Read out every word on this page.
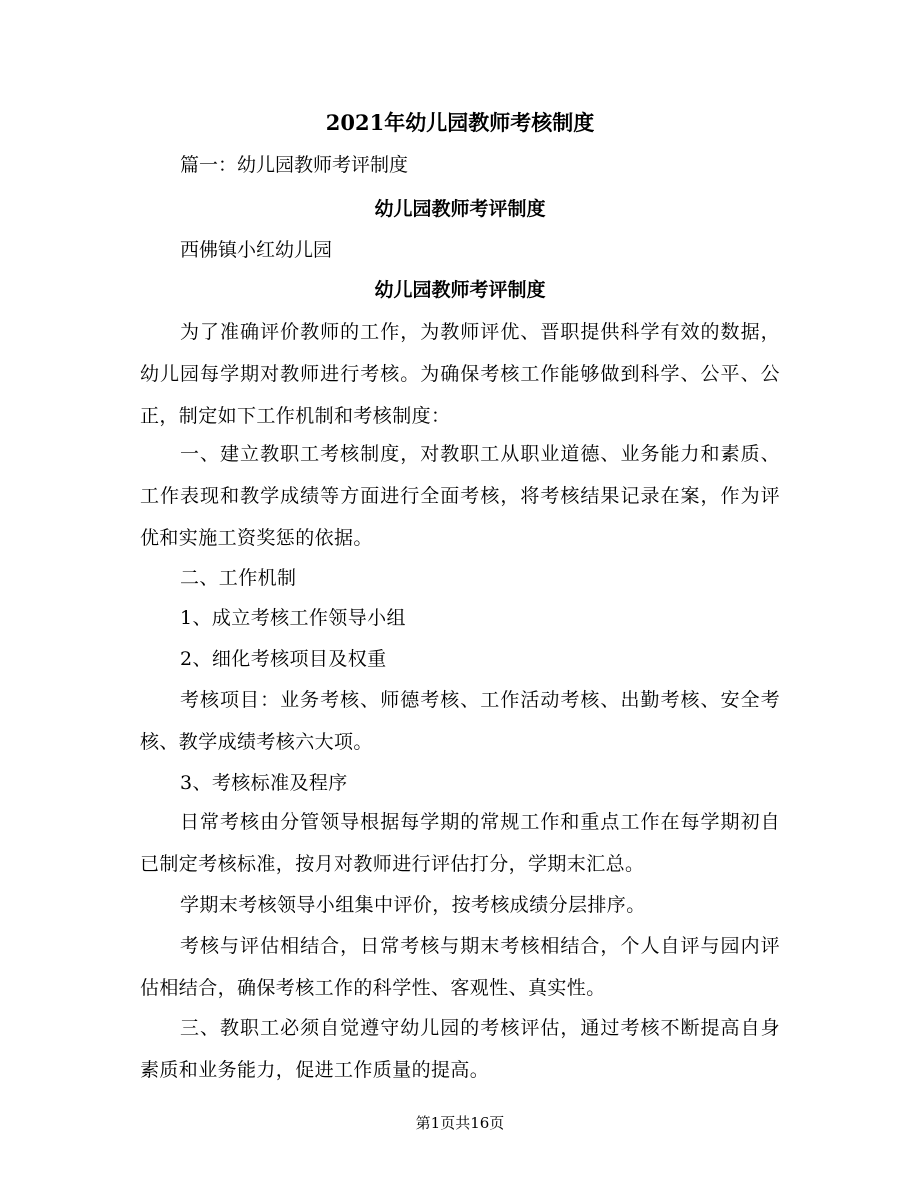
2021年幼儿园教师考核制度
篇一：幼儿园教师考评制度
幼儿园教师考评制度
西佛镇小红幼儿园
幼儿园教师考评制度
为了准确评价教师的工作，为教师评优、晋职提供科学有效的数据，幼儿园每学期对教师进行考核。为确保考核工作能够做到科学、公平、公正，制定如下工作机制和考核制度：
一、建立教职工考核制度，对教职工从职业道德、业务能力和素质、工作表现和教学成绩等方面进行全面考核，将考核结果记录在案，作为评优和实施工资奖惩的依据。
二、工作机制
1、成立考核工作领导小组
2、细化考核项目及权重
考核项目：业务考核、师德考核、工作活动考核、出勤考核、安全考核、教学成绩考核六大项。
3、考核标准及程序
日常考核由分管领导根据每学期的常规工作和重点工作在每学期初自已制定考核标准，按月对教师进行评估打分，学期末汇总。
学期末考核领导小组集中评价，按考核成绩分层排序。
考核与评估相结合，日常考核与期末考核相结合，个人自评与园内评估相结合，确保考核工作的科学性、客观性、真实性。
三、教职工必须自觉遵守幼儿园的考核评估，通过考核不断提高自身素质和业务能力，促进工作质量的提高。
第1页共16页
